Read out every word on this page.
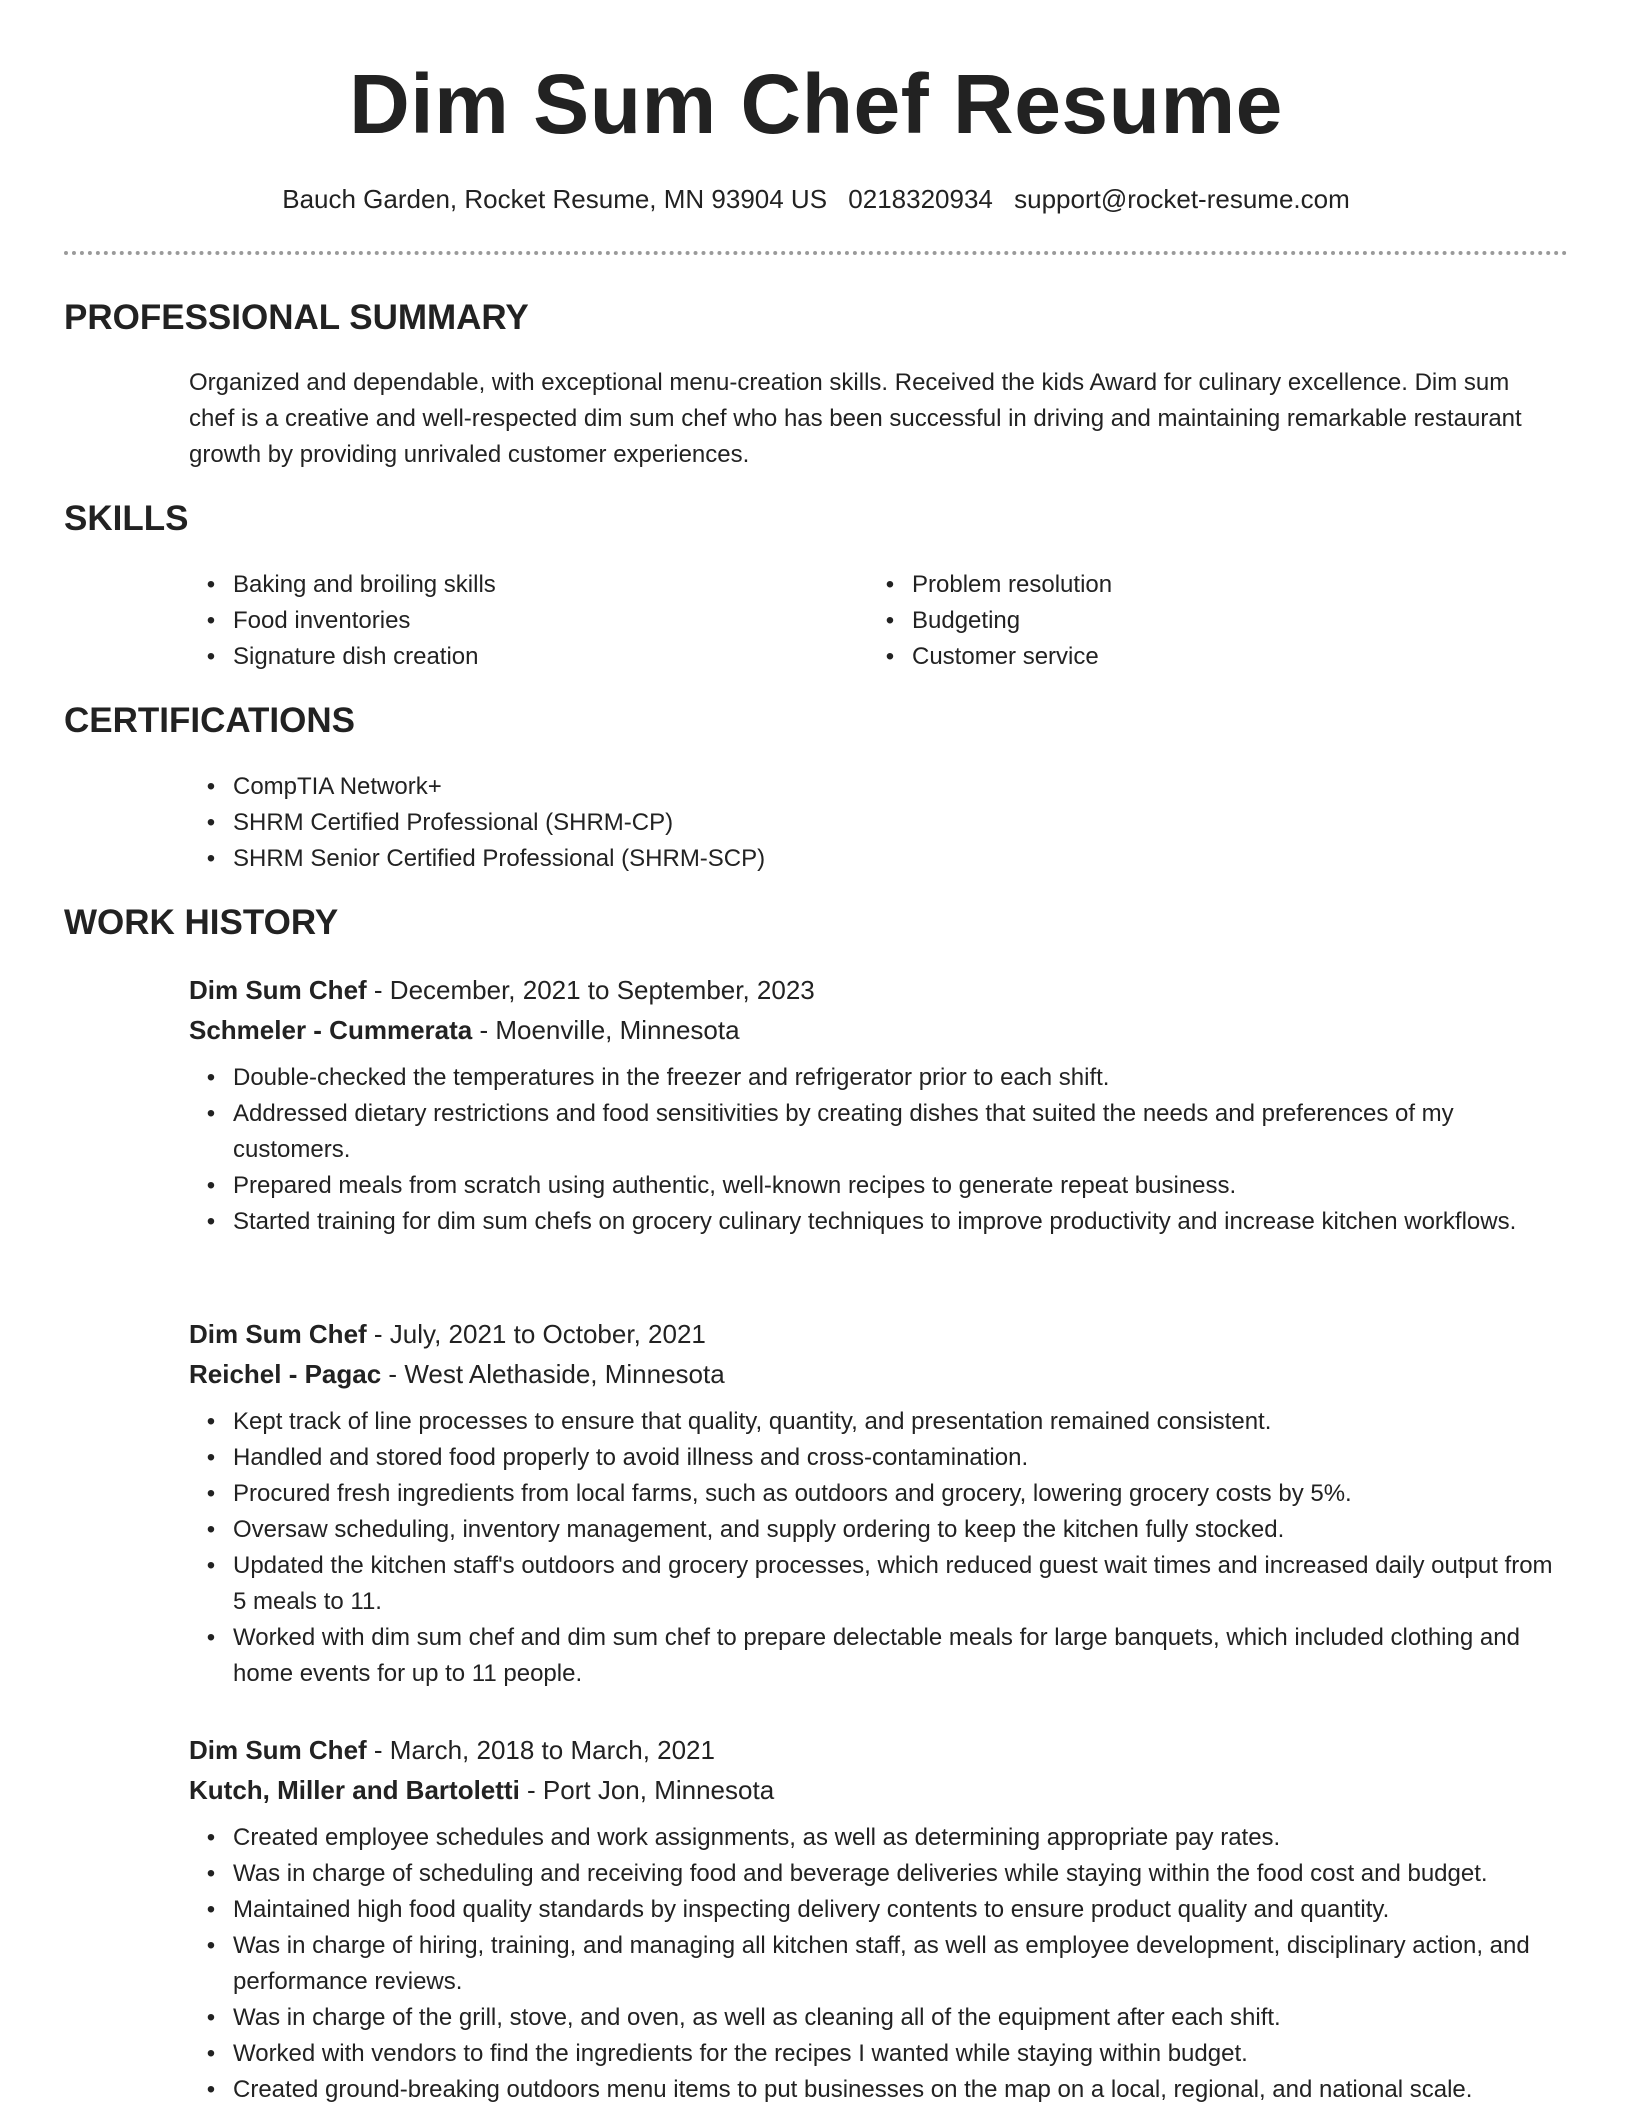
Dim Sum Chef Resume
Bauch Garden, Rocket Resume, MN 93904 US 0218320934 support@rocket-resume.com
PROFESSIONAL SUMMARY
Organized and dependable, with exceptional menu-creation skills. Received the kids Award for culinary excellence. Dim sum chef is a creative and well-respected dim sum chef who has been successful in driving and maintaining remarkable restaurant growth by providing unrivaled customer experiences.
SKILLS
• Baking and broiling skills
• Food inventories
• Signature dish creation
• Problem resolution
• Budgeting
• Customer service
CERTIFICATIONS
• CompTIA Network+
• SHRM Certified Professional (SHRM-CP)
• SHRM Senior Certified Professional (SHRM-SCP)
WORK HISTORY
Dim Sum Chef - December, 2021 to September, 2023
Schmeler - Cummerata - Moenville, Minnesota
• Double-checked the temperatures in the freezer and refrigerator prior to each shift.
• Addressed dietary restrictions and food sensitivities by creating dishes that suited the needs and preferences of my customers.
• Prepared meals from scratch using authentic, well-known recipes to generate repeat business.
• Started training for dim sum chefs on grocery culinary techniques to improve productivity and increase kitchen workflows.
Dim Sum Chef - July, 2021 to October, 2021
Reichel - Pagac - West Alethaside, Minnesota
• Kept track of line processes to ensure that quality, quantity, and presentation remained consistent.
• Handled and stored food properly to avoid illness and cross-contamination.
• Procured fresh ingredients from local farms, such as outdoors and grocery, lowering grocery costs by 5%.
• Oversaw scheduling, inventory management, and supply ordering to keep the kitchen fully stocked.
• Updated the kitchen staff's outdoors and grocery processes, which reduced guest wait times and increased daily output from 5 meals to 11.
• Worked with dim sum chef and dim sum chef to prepare delectable meals for large banquets, which included clothing and home events for up to 11 people.
Dim Sum Chef - March, 2018 to March, 2021
Kutch, Miller and Bartoletti - Port Jon, Minnesota
• Created employee schedules and work assignments, as well as determining appropriate pay rates.
• Was in charge of scheduling and receiving food and beverage deliveries while staying within the food cost and budget.
• Maintained high food quality standards by inspecting delivery contents to ensure product quality and quantity.
• Was in charge of hiring, training, and managing all kitchen staff, as well as employee development, disciplinary action, and performance reviews.
• Was in charge of the grill, stove, and oven, as well as cleaning all of the equipment after each shift.
• Worked with vendors to find the ingredients for the recipes I wanted while staying within budget.
• Created ground-breaking outdoors menu items to put businesses on the map on a local, regional, and national scale.
